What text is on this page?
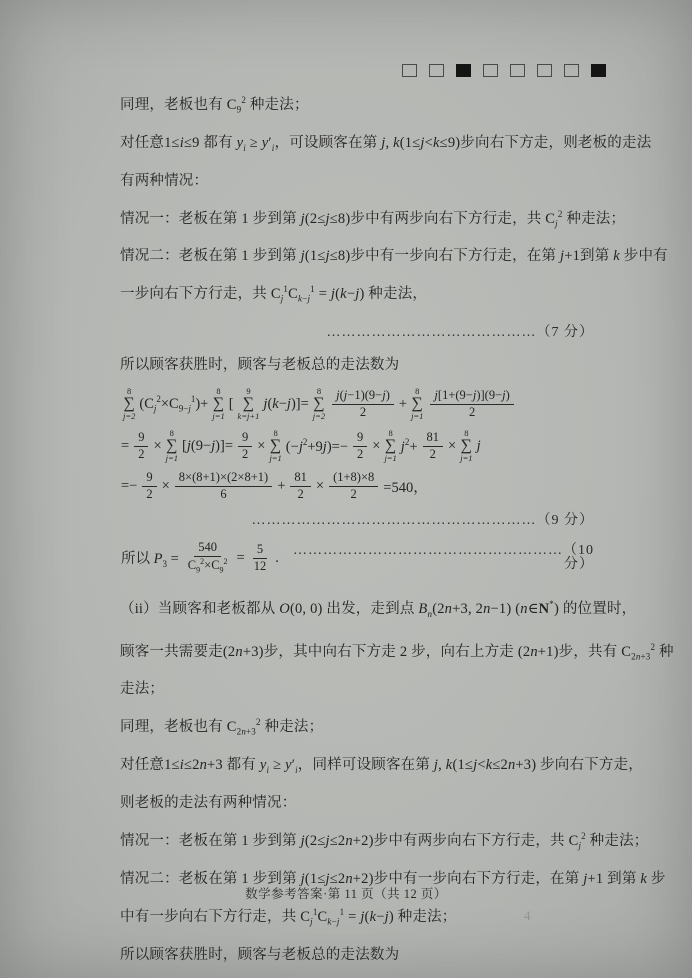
同理，老板也有 $C_9^2$ 种走法；
对任意1≤i≤9 都有 $y_i \ge y'_i$，可设顾客在第 j, k(1≤j<k≤9)步向右下方走，则老板的走法
有两种情况：
情况一：老板在第 1 步到第 j(2≤j≤8)步中有两步向右下方行走，共 $C_j^2$ 种走法；
情况二：老板在第 1 步到第 j(1≤j≤8)步中有一步向右下方行走，在第 j+1到第 k 步中有
一步向右下方行走，共 $C_j^1C_{k-j}^1 = j(k-j)$ 种走法，
……………………………………（7 分）
所以顾客获胜时，顾客与老板总的走法数为
8
∑
j=2
$(C_j^2\times C_{9-j}^1)+$
8
∑
j=1
[
9
∑
k=j+1
j(k−j)]=
8
∑
$j=2 \frac{j(j-1)(9-j)}{2}$ +
8
∑
$j=1 \frac{j[1+(9-j)](9-j)}{2}$
= $\frac{9}{2}$ ×
8
∑
j=1
$[j(9-j)]= \frac{9}{2}$ ×
8
∑
j=1
$(-j^2+9j)=- \frac{9}{2}$ ×
8
∑
j=1
$j^2+ \frac{81}{2}$ ×
8
∑
j=1
j
=− $\frac{9}{2} \times \frac{8\times(8+1)\times(2\times 8+1)}{6} + \frac{81}{2} \times \frac{(1+8)\times 8}{2} =540$，
…………………………………………………（9 分）
所以 $P_3 = \frac{540}{C_9^2\times C_9^2} = \frac{5}{12}$ .	………………………………………………（10 分）
（ii）当顾客和老板都从 O(0, 0) 出发，走到点 $B_n(2n+3$, 2n−1) (n∈N*) 的位置时，
顾客一共需要走(2n+3)步，其中向右下方走 2 步，向右上方走 (2n+1)步，共有 $C_{2n+3}^2$ 种
走法；
同理，老板也有 $C_{2n+3}^2$ 种走法；
对任意1≤i≤2n+3 都有 $y_i \ge y'_i$，同样可设顾客在第 j, k(1≤j<k≤2n+3) 步向右下方走，
则老板的走法有两种情况：
情况一：老板在第 1 步到第 j(2≤j≤2n+2)步中有两步向右下方行走，共 $C_j^2$ 种走法；
情况二：老板在第 1 步到第 j(1≤j≤2n+2)步中有一步向右下方行走，在第 j+1 到第 k 步
中有一步向右下方行走，共 $C_j^1C_{k-j}^1 = j(k-j)$ 种走法；
所以顾客获胜时，顾客与老板总的走法数为
数学参考答案·第 11 页（共 12 页）
4
